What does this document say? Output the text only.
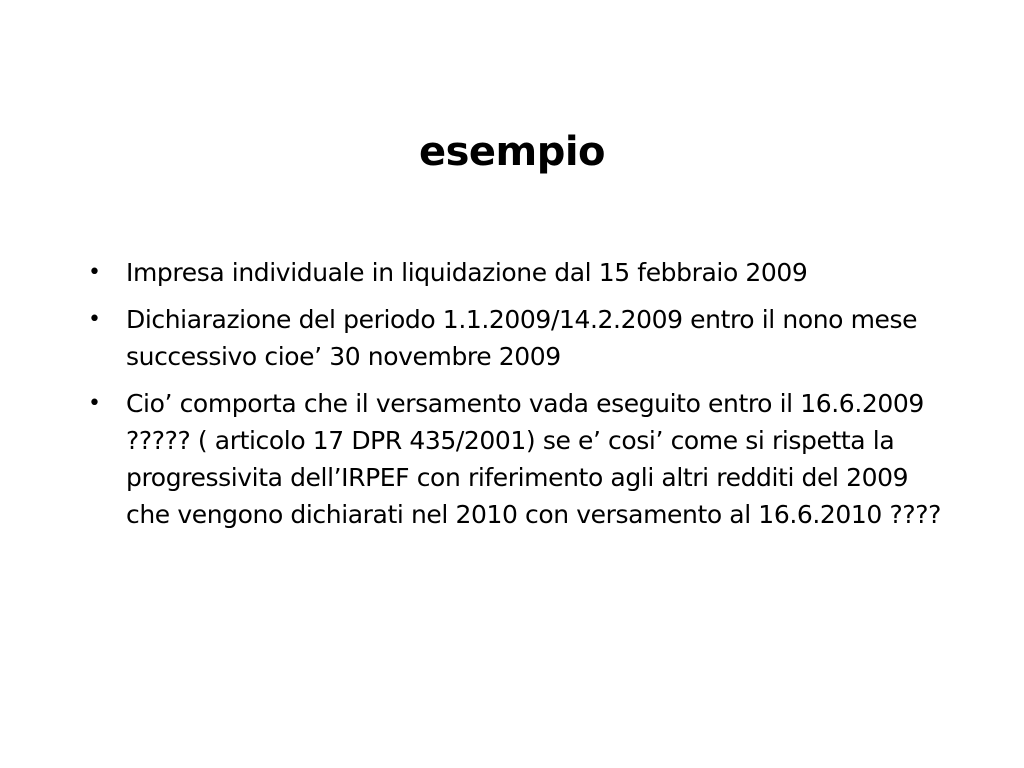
esempio
• Impresa individuale in liquidazione dal 15 febbraio 2009
• Dichiarazione del periodo 1.1.2009/14.2.2009 entro il nono mese successivo cioe’ 30 novembre 2009
• Cio’ comporta che il versamento vada eseguito entro il 16.6.2009 ????? ( articolo 17 DPR 435/2001) se e’ cosi’ come si rispetta la progressivita dell’IRPEF con riferimento agli altri redditi del 2009 che vengono dichiarati nel 2010 con versamento al 16.6.2010 ????
